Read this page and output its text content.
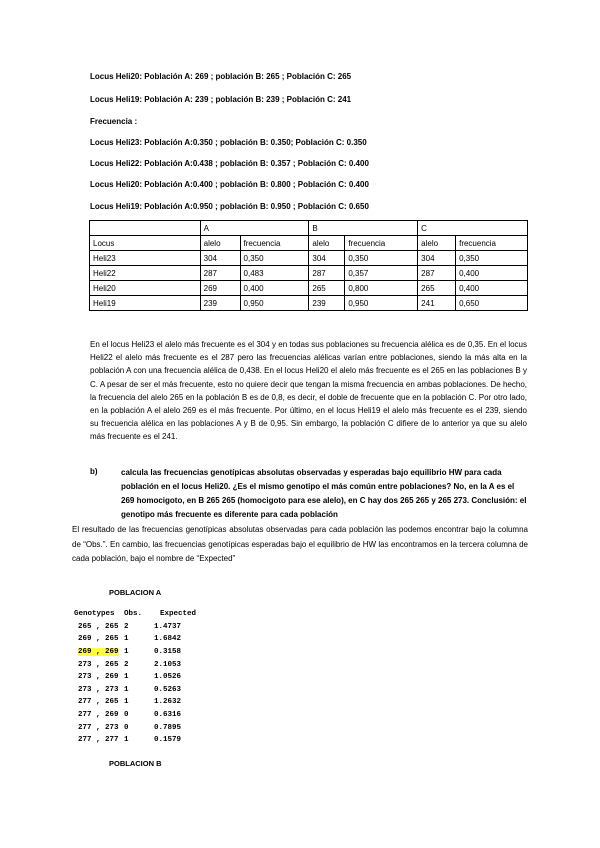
Locus Heli20: Población A: 269 ; población B: 265 ; Población C: 265
Locus Heli19: Población A: 239 ; población B: 239 ; Población C: 241
Frecuencia :
Locus Heli23: Población A:0.350 ; población B: 0.350; Población C: 0.350
Locus Heli22: Población A:0.438 ; población B: 0.357 ; Población C: 0.400
Locus Heli20: Población A:0.400 ; población B: 0.800 ; Población C: 0.400
Locus Heli19: Población A:0.950 ; población B: 0.950 ; Población C: 0.650
	A		B		C	
Locus	alelo	frecuencia	alelo	frecuencia	alelo	frecuencia
Heli23	304	0,350	304	0,350	304	0,350
Heli22	287	0,483	287	0,357	287	0,400
Heli20	269	0,400	265	0,800	265	0,400
Heli19	239	0,950	239	0,950	241	0,650
En el locus Heli23 el alelo más frecuente es el 304 y en todas sus poblaciones su frecuencia alélica es de 0,35. En el locus Heli22 el alelo más frecuente es el 287 pero las frecuencias alélicas varían entre poblaciones, siendo la más alta en la población A con una frecuencia alélica de 0,438. En el locus Heli20 el alelo más frecuente es el 265 en las poblaciones B y C. A pesar de ser el más frecuente, esto no quiere decir que tengan la misma frecuencia en ambas poblaciones. De hecho, la frecuencia del alelo 265 en la población B es de 0,8, es decir, el doble de frecuente que en la población C. Por otro lado, en la población A el alelo 269 es el más frecuente. Por último, en el locus Heli19 el alelo más frecuente es el 239, siendo su frecuencia alélica en las poblaciones A y B de 0,95. Sin embargo, la población C difiere de lo anterior ya que su alelo más frecuente es el 241.
b)	calcula las frecuencias genotípicas absolutas observadas y esperadas bajo equilibrio HW para cada población en el locus Heli20. ¿Es el mismo genotipo el más común entre poblaciones? No, en la A es el 269 homocigoto, en B 265 265 (homocigoto para ese alelo), en C hay dos 265 265 y 265 273. Conclusión: el genotipo más frecuente es diferente para cada población
El resultado de las frecuencias genotípicas absolutas observadas para cada población las podemos encontrar bajo la columna de “Obs.”. En cambio, las frecuencias genotípicas esperadas bajo el equilibrio de HW las encontramos en la tercera columna de cada población, bajo el nombre de “Expected”
POBLACION A
Genotypes	Obs.	Expected
265 , 265	2	1.4737
269 , 265	1	1.6842
269 , 269	1	0.3158
273 , 265	2	2.1053
273 , 269	1	1.0526
273 , 273	1	0.5263
277 , 265	1	1.2632
277 , 269	0	0.6316
277 , 273	0	0.7895
277 , 277	1	0.1579
POBLACION B
